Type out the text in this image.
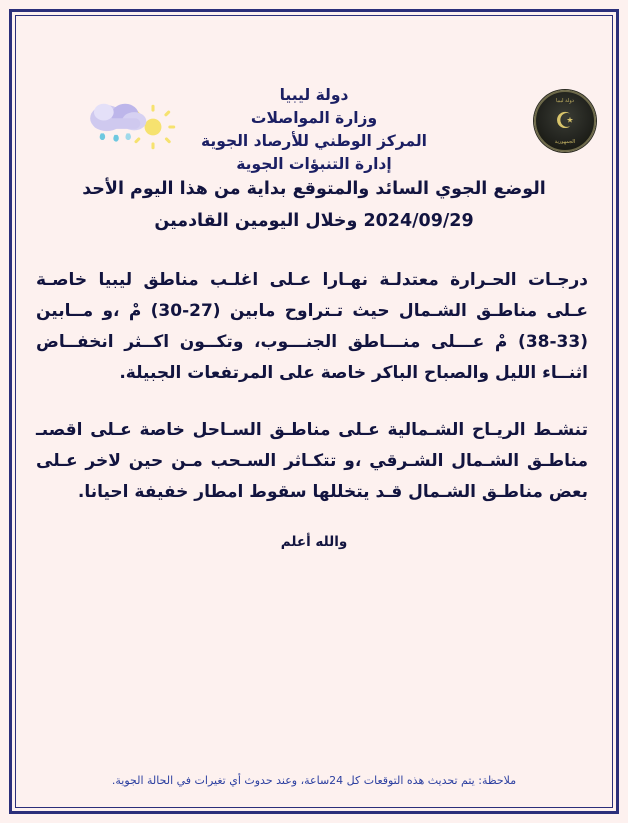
دولة ليبيا
☪
الجمهورية
دولة ليبيا
وزارة المواصلات
المركز الوطني للأرصاد الجوية
إدارة التنبؤات الجوية
الوضع الجوي السائد والمتوقع بداية من هذا اليوم الأحد
2024/09/29 وخلال اليومين القادمين
درجـات الحـرارة معتدلـة نهـارا عـلى اغلـب مناطق ليبيا خاصـة عـلى مناطـق الشـمال حيث تـتراوح مابين (27-30) مْ ،و مــابين (33-38) مْ عـــلى منـــاطق الجنـــوب، وتكــون اكــثر انخفــاض اثنــاء الليل والصباح الباكر خاصة على المرتفعات الجبيلة.
تنشـط الريـاح الشـمالية عـلى مناطـق السـاحل خاصة عـلى اقصىـ مناطـق الشـمال الشـرقي ،و تتكـاثر السـحب مـن حين لاخر عـلى بعض مناطـق الشـمال قـد يتخللها سقوط امطار خفيفة احيانا.
والله أعلم
ملاحظة: يتم تحديث هذه التوقعات كل 24ساعة، وعند حدوث أي تغيرات في الحالة الجوية.
